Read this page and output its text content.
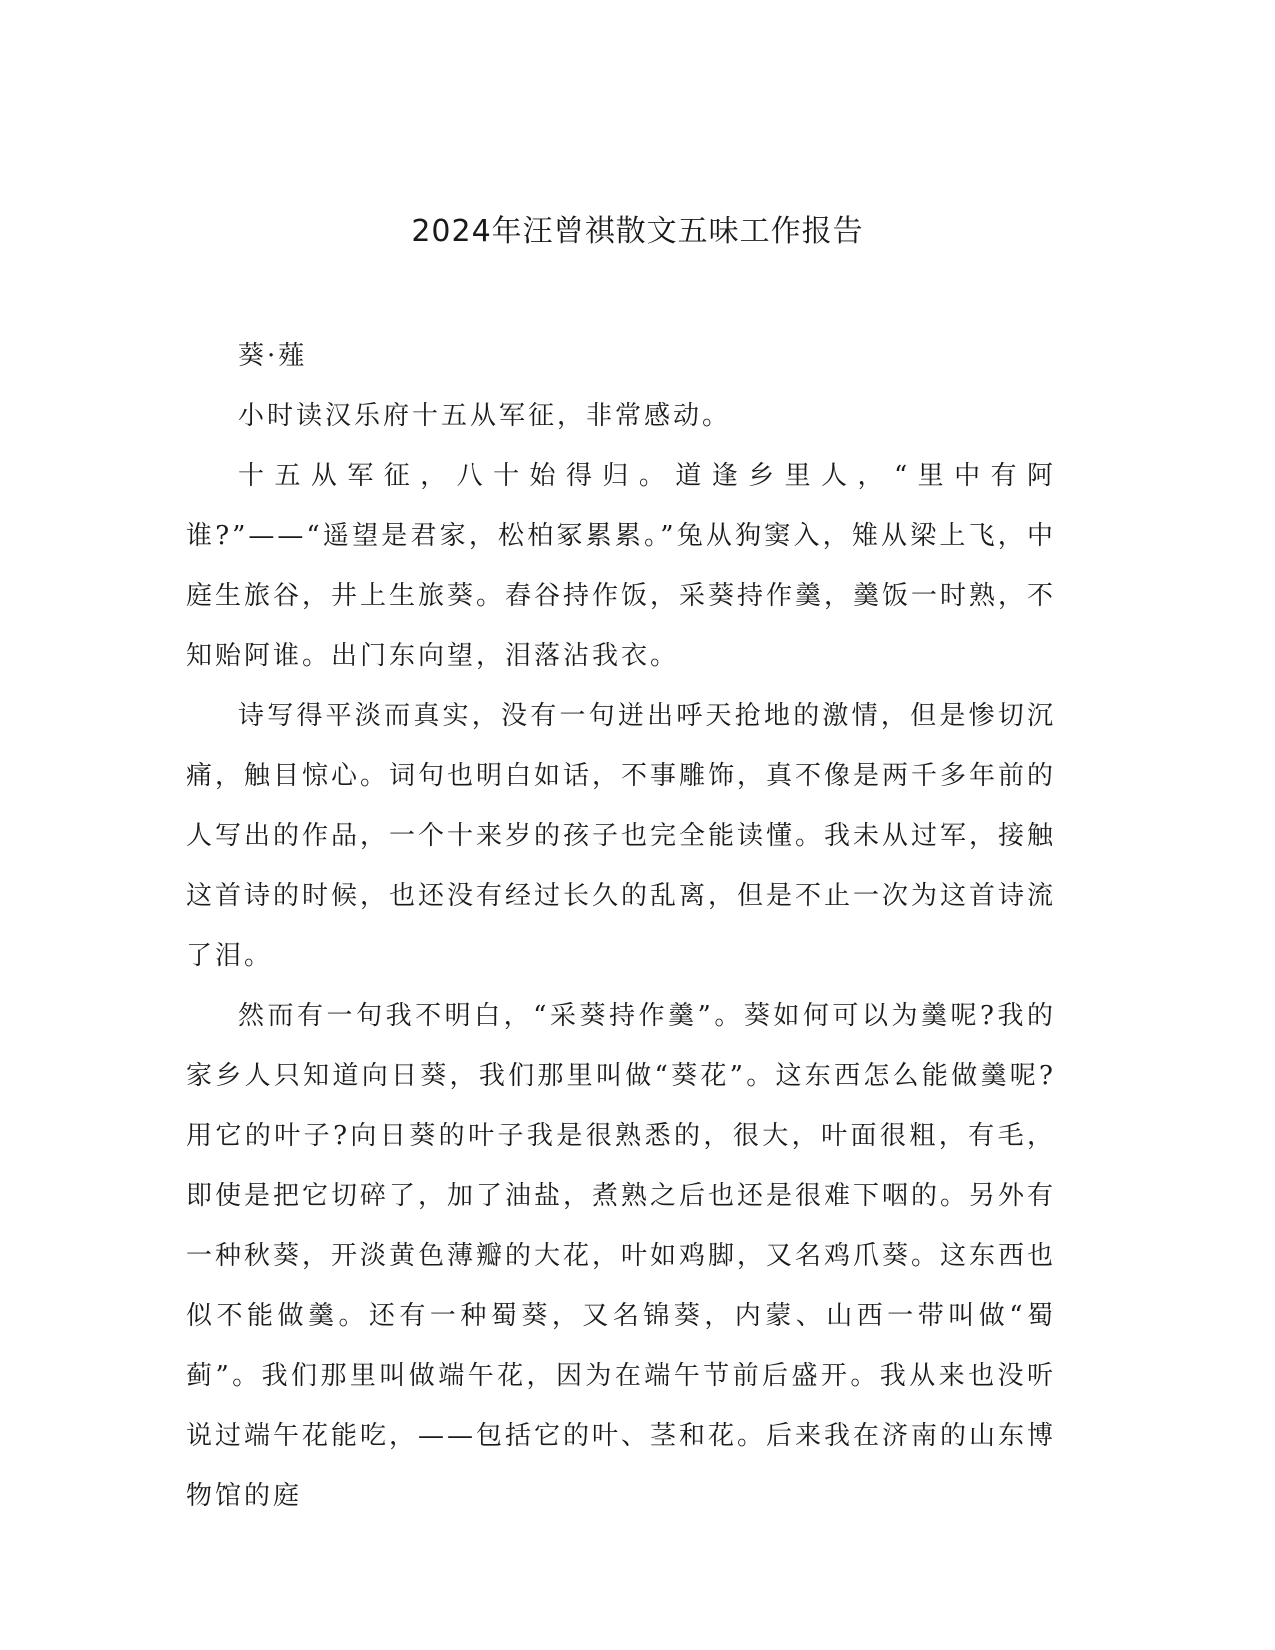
2024年汪曾祺散文五味工作报告

葵·薤

小时读汉乐府十五从军征，非常感动。

十五从军征，八十始得归。道逢乡里人，“里中有阿谁?”——“遥望是君家，松柏冢累累。”兔从狗窦入，雉从梁上飞，中庭生旅谷，井上生旅葵。舂谷持作饭，采葵持作羹，羹饭一时熟，不知贻阿谁。出门东向望，泪落沾我衣。

诗写得平淡而真实，没有一句迸出呼天抢地的激情，但是惨切沉痛，触目惊心。词句也明白如话，不事雕饰，真不像是两千多年前的人写出的作品，一个十来岁的孩子也完全能读懂。我未从过军，接触这首诗的时候，也还没有经过长久的乱离，但是不止一次为这首诗流了泪。

然而有一句我不明白，“采葵持作羹”。葵如何可以为羹呢?我的家乡人只知道向日葵，我们那里叫做“葵花”。这东西怎么能做羹呢?用它的叶子?向日葵的叶子我是很熟悉的，很大，叶面很粗，有毛，即使是把它切碎了，加了油盐，煮熟之后也还是很难下咽的。另外有一种秋葵，开淡黄色薄瓣的大花，叶如鸡脚，又名鸡爪葵。这东西也似不能做羹。还有一种蜀葵，又名锦葵，内蒙、山西一带叫做“蜀蓟”。我们那里叫做端午花，因为在端午节前后盛开。我从来也没听说过端午花能吃，——包括它的叶、茎和花。后来我在济南的山东博物馆的庭
